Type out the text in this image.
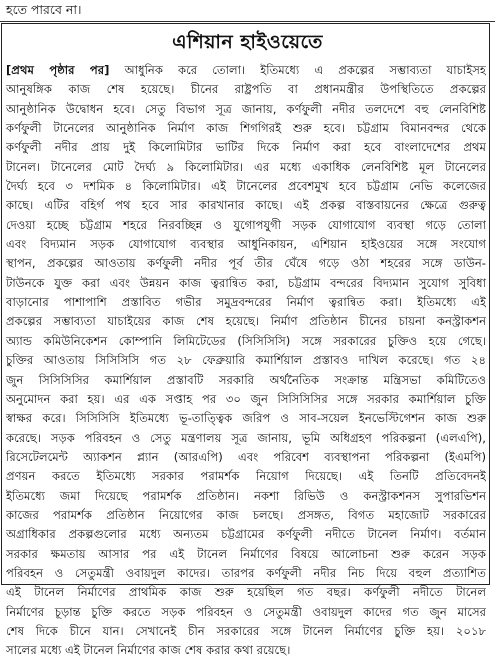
হতে পারবে না।
এশিয়ান হাইওয়েতে
[প্রথম পৃষ্ঠার পর] আধুনিক করে তোলা। ইতিমধ্যে এ প্রকল্পের সম্ভাব্যতা যাচাইসহ
আনুষঙ্গিক কাজ শেষ হয়েছে। চীনের রাষ্ট্রপতি বা প্রধানমন্ত্রীর উপস্থিতিতে প্রকল্পের
আনুষ্ঠানিক উদ্বোধন হবে। সেতু বিভাগ সূত্র জানায়, কর্ণফুলী নদীর তলদেশে বহু লেনবিশিষ্ট
কর্ণফুলী টানেলের আনুষ্ঠানিক নির্মাণ কাজ শিগগিরই শুরু হবে। চট্টগ্রাম বিমানবন্দর থেকে
কর্ণফুলী নদীর প্রায় দুই কিলোমিটার ভাটির দিকে নির্মাণ করা হবে বাংলাদেশের প্রথম
টানেল। টানেলের মোট দৈর্ঘ্য ৯ কিলোমিটার। এর মধ্যে একাধিক লেনবিশিষ্ট মূল টানেলের
দৈর্ঘ্য হবে ৩ দশমিক ৪ কিলোমিটার। এই টানেলের প্রবেশমুখ হবে চট্টগ্রাম নেভি কলেজের
কাছে। এটির বহির্গ পথ হবে সার কারখানার কাছে। এই প্রকল্প বাস্তবায়নের ক্ষেত্রে গুরুত্ব
দেওয়া হচ্ছে চট্টগ্রাম শহরে নিরবচ্ছিন্ন ও যুগোপযুগী সড়ক যোগাযোগ ব্যবস্থা গড়ে তোলা
এবং বিদ্যমান সড়ক যোগাযোগ ব্যবস্থার আধুনিকায়ন, এশিয়ান হাইওয়ের সঙ্গে সংযোগ
স্থাপন, প্রকল্পের আওতায় কর্ণফুলী নদীর পূর্ব তীর ঘেঁষে গড়ে ওঠা শহরের সঙ্গে ডাউন-
টাউনকে যুক্ত করা এবং উন্নয়ন কাজ ত্বরান্বিত করা, চট্টগ্রাম বন্দরের বিদ্যমান সুযোগ সুবিধা
বাড়ানোর পাশাপাশি প্রস্তাবিত গভীর সমুদ্রবন্দরের নির্মাণ ত্বরান্বিত করা। ইতিমধ্যে এই
প্রকল্পের সম্ভাব্যতা যাচাইয়ের কাজ শেষ হয়েছে। নির্মাণ প্রতিষ্ঠান চীনের চায়না কনস্ট্রাকশন
অ্যান্ড কমিউনিকেশন কোম্পানি লিমিটেডের (সিসিসিসি) সঙ্গে সরকারের চুক্তিও হয়ে গেছে।
চুক্তির আওতায় সিসিসিসি গত ২৮ ফেব্রুয়ারি কমার্শিয়াল প্রস্তাবও দাখিল করেছে। গত ২৪
জুন সিসিসিসির কমার্শিয়াল প্রস্তাবটি সরকারি অর্থনৈতিক সংক্রান্ত মন্ত্রিসভা কমিটিতেও
অনুমোদন করা হয়। এর এক সপ্তাহ পর ৩০ জুন সিসিসিসির সঙ্গে সরকার কমার্শিয়াল চুক্তি
স্বাক্ষর করে। সিসিসিসি ইতিমধ্যে ভূ-তাত্ত্বিক জরিপ ও সাব-সয়েল ইনভেস্টিগেশন কাজ শুরু
করেছে। সড়ক পরিবহন ও সেতু মন্ত্রণালয় সূত্র জানায়, ভূমি অধিগ্রহণ পরিকল্পনা (এলএপি),
রিসেটেলমেন্ট অ্যাকশন প্ল্যান (আরএপি) এবং পরিবেশ ব্যবস্থাপনা পরিকল্পনা (ইএমপি)
প্রণয়ন করতে ইতিমধ্যে সরকার পরামর্শক নিয়োগ দিয়েছে। এই তিনটি প্রতিবেদনই
ইতিমধ্যে জমা দিয়েছে পরামর্শক প্রতিষ্ঠান। নকশা রিভিউ ও কনস্ট্রাকশনস সুপারভিশন
কাজের পরামর্শক প্রতিষ্ঠান নিয়োগের কাজ চলছে। প্রসঙ্গত, বিগত মহাজোট সরকারের
অগ্রাধিকার প্রকল্পগুলোর মধ্যে অন্যতম চট্টগ্রামের কর্ণফুলী নদীতে টানেল নির্মাণ। বর্তমান
সরকার ক্ষমতায় আসার পর এই টানেল নির্মাণের বিষয়ে আলোচনা শুরু করেন সড়ক
পরিবহন ও সেতুমন্ত্রী ওবায়দুল কাদের। তারপর কর্ণফুলী নদীর নিচ দিয়ে বহুল প্রত্যাশিত
এই টানেল নির্মাণের প্রাথমিক কাজ শুরু হয়েছিল গত বছর। কর্ণফুলী নদীতে টানেল
নির্মাণের চূড়ান্ত চুক্তি করতে সড়ক পরিবহন ও সেতুমন্ত্রী ওবায়দুল কাদের গত জুন মাসের
শেষ দিকে চীনে যান। সেখানেই চীন সরকারের সঙ্গে টানেল নির্মাণের চুক্তি হয়। ২০১৮
সালের মধ্যে এই টানেল নির্মাণের কাজ শেষ করার কথা রয়েছে।
